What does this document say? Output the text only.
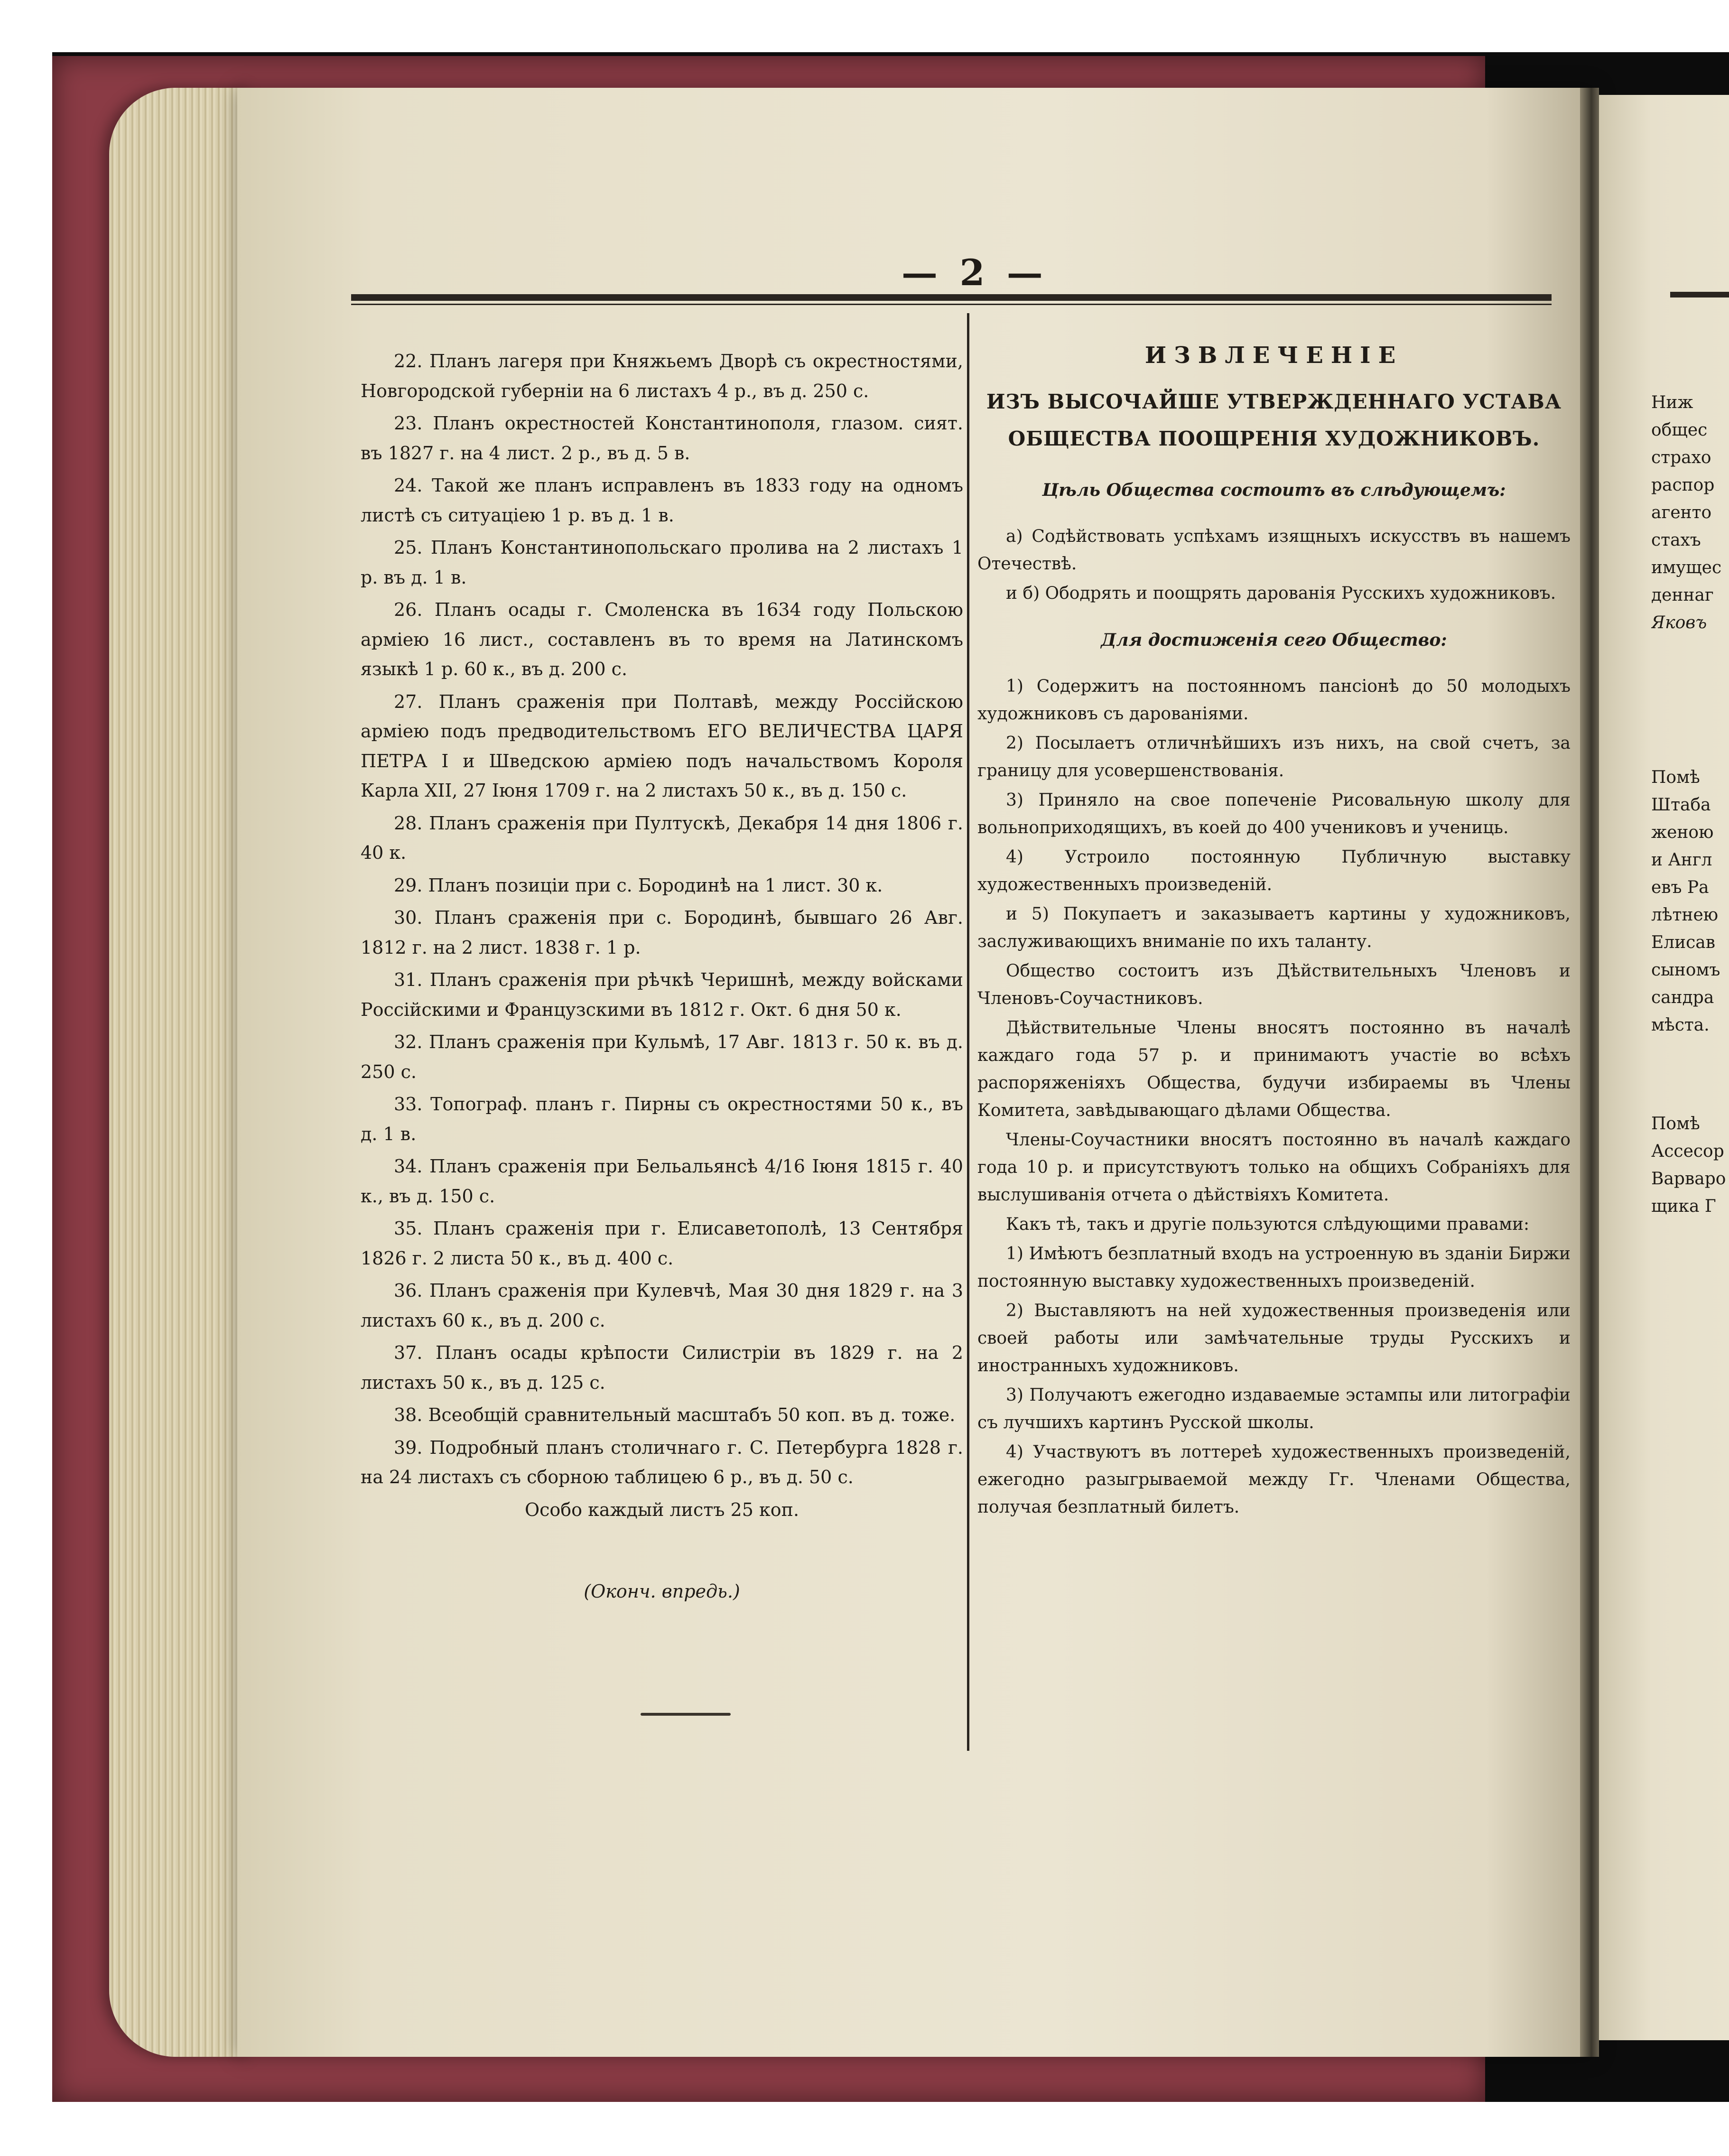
— 2 —

22. Планъ лагеря при Княжьемъ Дворѣ съ окрестностями, Новгородской губерніи на 6 листахъ 4 р., въ д. 250 с.

23. Планъ окрестностей Константинополя, глазом. сият. въ 1827 г. на 4 лист. 2 р., въ д. 5 в.

24. Такой же планъ исправленъ въ 1833 году на одномъ листѣ съ ситуаціею 1 р. въ д. 1 в.

25. Планъ Константинопольскаго пролива на 2 листахъ 1 р. въ д. 1 в.

26. Планъ осады г. Смоленска въ 1634 году Польскою арміею 16 лист., составленъ въ то время на Латинскомъ языкѣ 1 р. 60 к., въ д. 200 с.

27. Планъ сраженія при Полтавѣ, между Россійскою арміею подъ предводительствомъ ЕГО ВЕЛИЧЕСТВА ЦАРЯ ПЕТРА I и Шведскою арміею подъ начальствомъ Короля Карла XII, 27 Іюня 1709 г. на 2 листахъ 50 к., въ д. 150 с.

28. Планъ сраженія при Пултускѣ, Декабря 14 дня 1806 г. 40 к.

29. Планъ позиціи при с. Бородинѣ на 1 лист. 30 к.

30. Планъ сраженія при с. Бородинѣ, бывшаго 26 Авг. 1812 г. на 2 лист. 1838 г. 1 р.

31. Планъ сраженія при рѣчкѣ Черишнѣ, между войсками Россійскими и Французскими въ 1812 г. Окт. 6 дня 50 к.

32. Планъ сраженія при Кульмѣ, 17 Авг. 1813 г. 50 к. въ д. 250 с.

33. Топограф. планъ г. Пирны съ окрестностями 50 к., въ д. 1 в.

34. Планъ сраженія при Бельальянсѣ 4/16 Іюня 1815 г. 40 к., въ д. 150 с.

35. Планъ сраженія при г. Елисаветополѣ, 13 Сентября 1826 г. 2 листа 50 к., въ д. 400 с.

36. Планъ сраженія при Кулевчѣ, Мая 30 дня 1829 г. на 3 листахъ 60 к., въ д. 200 с.

37. Планъ осады крѣпости Силистріи въ 1829 г. на 2 листахъ 50 к., въ д. 125 с.

38. Всеобщій сравнительный масштабъ 50 коп. въ д. тоже.

39. Подробный планъ столичнаго г. С. Петербурга 1828 г. на 24 листахъ съ сборною таблицею 6 р., въ д. 50 с.

Особо каждый листъ 25 коп.

(Оконч. впредь.)

ИЗВЛЕЧЕНІЕ
ИЗЪ ВЫСОЧАЙШЕ УТВЕРЖДЕННАГО УСТАВА
ОБЩЕСТВА ПООЩРЕНІЯ ХУДОЖНИКОВЪ.
Цѣль Общества состоитъ въ слѣдующемъ:

а) Содѣйствовать успѣхамъ изящныхъ искусствъ въ нашемъ Отечествѣ.

и б) Ободрять и поощрять дарованія Русскихъ художниковъ.

Для достиженія сего Общество:

1) Содержитъ на постоянномъ пансіонѣ до 50 молодыхъ художниковъ съ дарованіями.

2) Посылаетъ отличнѣйшихъ изъ нихъ, на свой счетъ, за границу для усовершенствованія.

3) Приняло на свое попеченіе Рисовальную школу для вольноприходящихъ, въ коей до 400 учениковъ и учениць.

4) Устроило постоянную Публичную выставку художественныхъ произведеній.

и 5) Покупаетъ и заказываетъ картины у художниковъ, заслуживающихъ вниманіе по ихъ таланту.

Общество состоитъ изъ Дѣйствительныхъ Членовъ и Членовъ-Соучастниковъ.

Дѣйствительные Члены вносятъ постоянно въ началѣ каждаго года 57 р. и принимаютъ участіе во всѣхъ распоряженіяхъ Общества, будучи избираемы въ Члены Комитета, завѣдывающаго дѣлами Общества.

Члены-Соучастники вносятъ постоянно въ началѣ каждаго года 10 р. и присутствуютъ только на общихъ Собраніяхъ для выслушиванія отчета о дѣйствіяхъ Комитета.

Какъ тѣ, такъ и другіе пользуются слѣдующими правами:

1) Имѣютъ безплатный входъ на устроенную въ зданіи Биржи постоянную выставку художественныхъ произведеній.

2) Выставляютъ на ней художественныя произведенія или своей работы или замѣчательные труды Русскихъ и иностранныхъ художниковъ.

3) Получаютъ ежегодно издаваемые эстампы или литографіи съ лучшихъ картинъ Русской школы.

4) Участвуютъ въ лоттереѣ художественныхъ произведеній, ежегодно разыгрываемой между Гг. Членами Общества, получая безплатный билетъ.

Ниж
общес
страхо
распор
агенто
стахъ
имущес
деннаг
Яковъ
Помѣ
Штаба
женою
и Англ
евъ Ра
лѣтнею
Елисав
сыномъ
сандра
мѣста.
Помѣ
Ассесор
Варваро
щика Г
